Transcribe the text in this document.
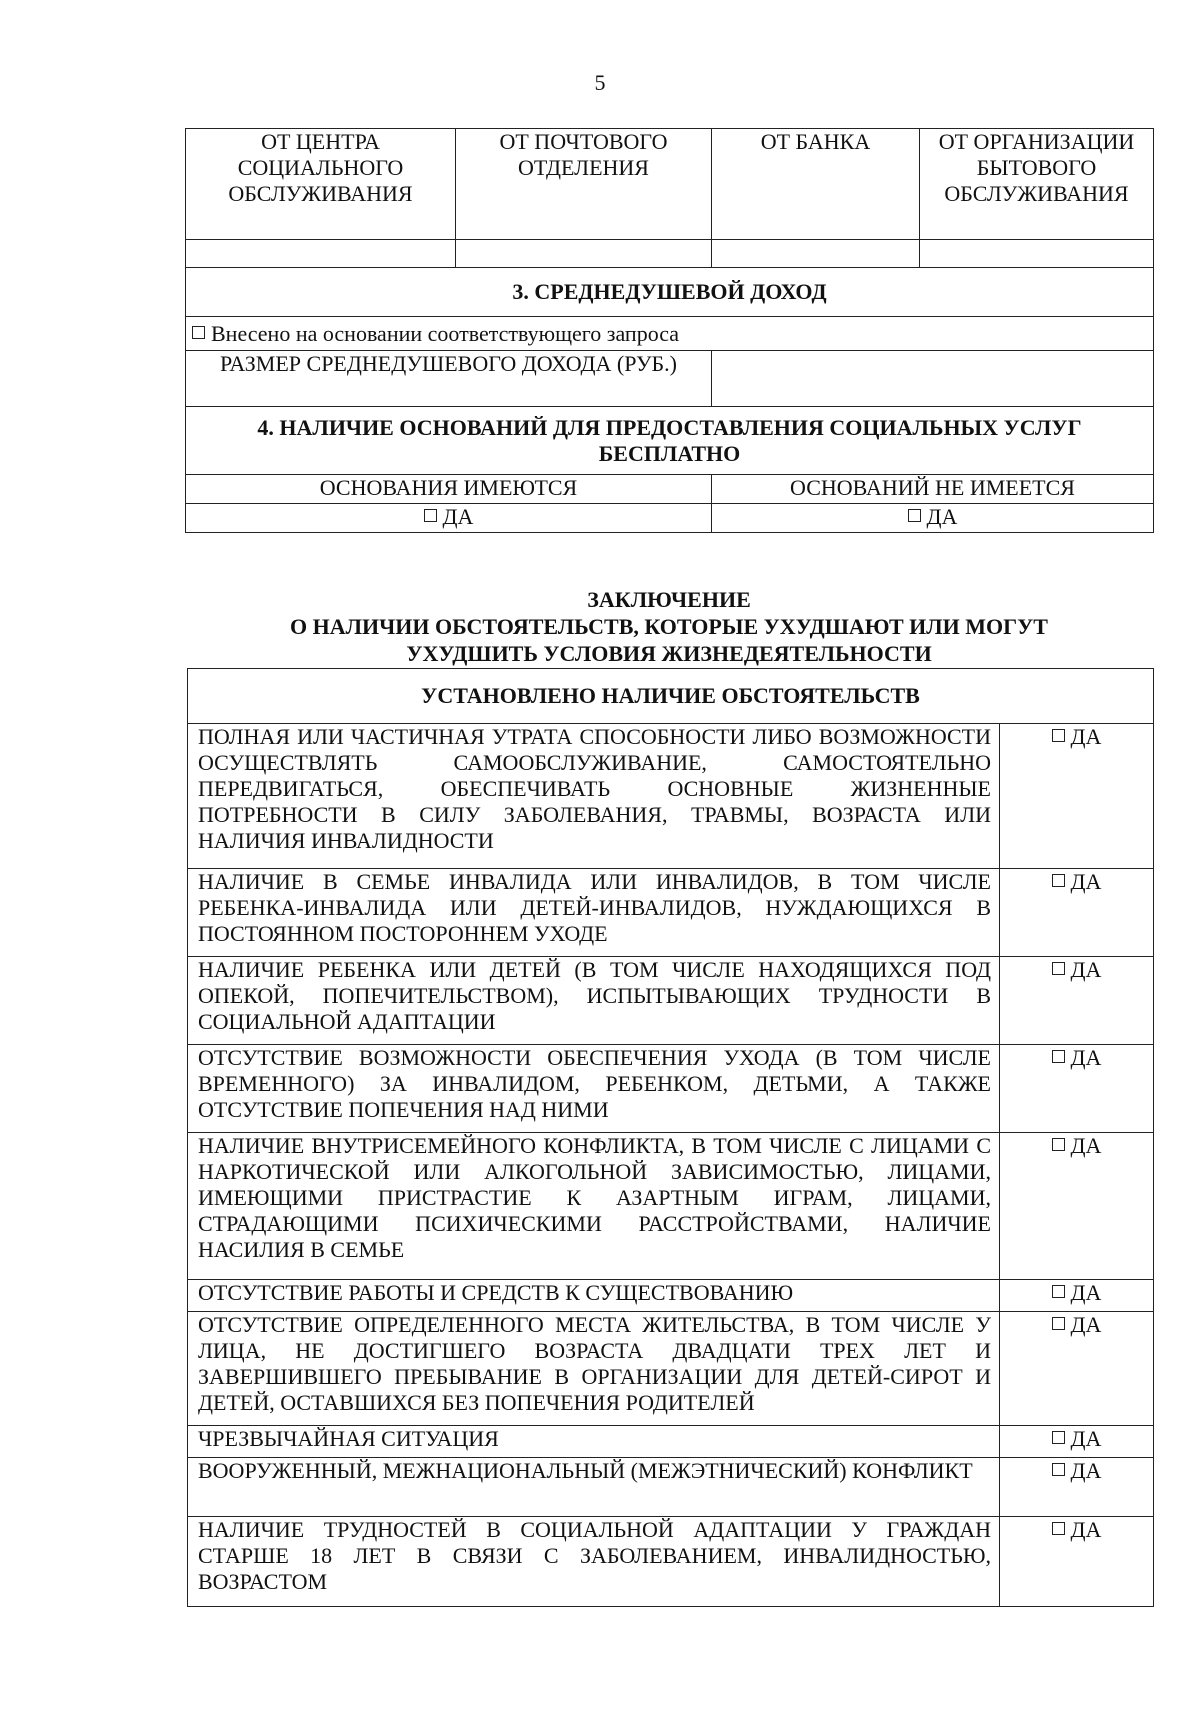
5
ОТ ЦЕНТРА СОЦИАЛЬНОГО ОБСЛУЖИВАНИЯ	ОТ ПОЧТОВОГО ОТДЕЛЕНИЯ	ОТ БАНКА	ОТ ОРГАНИЗАЦИИ БЫТОВОГО ОБСЛУЖИВАНИЯ

3. СРЕДНЕДУШЕВОЙ ДОХОД			
Внесено на основании соответствующего запроса			
РАЗМЕР СРЕДНЕДУШЕВОГО ДОХОДА (РУБ.)			
4. НАЛИЧИЕ ОСНОВАНИЙ ДЛЯ ПРЕДОСТАВЛЕНИЯ СОЦИАЛЬНЫХ УСЛУГ БЕСПЛАТНО			
ОСНОВАНИЯ ИМЕЮТСЯ		ОСНОВАНИЙ НЕ ИМЕЕТСЯ	
ДА		ДА	
ЗАКЛЮЧЕНИЕ
О НАЛИЧИИ ОБСТОЯТЕЛЬСТВ, КОТОРЫЕ УХУДШАЮТ ИЛИ МОГУТ
УХУДШИТЬ УСЛОВИЯ ЖИЗНЕДЕЯТЕЛЬНОСТИ
УСТАНОВЛЕНО НАЛИЧИЕ ОБСТОЯТЕЛЬСТВ	
ПОЛНАЯ ИЛИ ЧАСТИЧНАЯ УТРАТА СПОСОБНОСТИ ЛИБО ВОЗМОЖНОСТИ ОСУЩЕСТВЛЯТЬ САМООБСЛУЖИВАНИЕ, САМОСТОЯТЕЛЬНО ПЕРЕДВИГАТЬСЯ, ОБЕСПЕЧИВАТЬ ОСНОВНЫЕ ЖИЗНЕННЫЕ ПОТРЕБНОСТИ В СИЛУ ЗАБОЛЕВАНИЯ, ТРАВМЫ, ВОЗРАСТА ИЛИ НАЛИЧИЯ ИНВАЛИДНОСТИ	ДА
НАЛИЧИЕ В СЕМЬЕ ИНВАЛИДА ИЛИ ИНВАЛИДОВ, В ТОМ ЧИСЛЕ РЕБЕНКА-ИНВАЛИДА ИЛИ ДЕТЕЙ-ИНВАЛИДОВ, НУЖДАЮЩИХСЯ В ПОСТОЯННОМ ПОСТОРОННЕМ УХОДЕ	ДА
НАЛИЧИЕ РЕБЕНКА ИЛИ ДЕТЕЙ (В ТОМ ЧИСЛЕ НАХОДЯЩИХСЯ ПОД ОПЕКОЙ, ПОПЕЧИТЕЛЬСТВОМ), ИСПЫТЫВАЮЩИХ ТРУДНОСТИ В СОЦИАЛЬНОЙ АДАПТАЦИИ	ДА
ОТСУТСТВИЕ ВОЗМОЖНОСТИ ОБЕСПЕЧЕНИЯ УХОДА (В ТОМ ЧИСЛЕ ВРЕМЕННОГО) ЗА ИНВАЛИДОМ, РЕБЕНКОМ, ДЕТЬМИ, А ТАКЖЕ ОТСУТСТВИЕ ПОПЕЧЕНИЯ НАД НИМИ	ДА
НАЛИЧИЕ ВНУТРИСЕМЕЙНОГО КОНФЛИКТА, В ТОМ ЧИСЛЕ С ЛИЦАМИ С НАРКОТИЧЕСКОЙ ИЛИ АЛКОГОЛЬНОЙ ЗАВИСИМОСТЬЮ, ЛИЦАМИ, ИМЕЮЩИМИ ПРИСТРАСТИЕ К АЗАРТНЫМ ИГРАМ, ЛИЦАМИ, СТРАДАЮЩИМИ ПСИХИЧЕСКИМИ РАССТРОЙСТВАМИ, НАЛИЧИЕ НАСИЛИЯ В СЕМЬЕ	ДА
ОТСУТСТВИЕ РАБОТЫ И СРЕДСТВ К СУЩЕСТВОВАНИЮ	ДА
ОТСУТСТВИЕ ОПРЕДЕЛЕННОГО МЕСТА ЖИТЕЛЬСТВА, В ТОМ ЧИСЛЕ У ЛИЦА, НЕ ДОСТИГШЕГО ВОЗРАСТА ДВАДЦАТИ ТРЕХ ЛЕТ И ЗАВЕРШИВШЕГО ПРЕБЫВАНИЕ В ОРГАНИЗАЦИИ ДЛЯ ДЕТЕЙ-СИРОТ И ДЕТЕЙ, ОСТАВШИХСЯ БЕЗ ПОПЕЧЕНИЯ РОДИТЕЛЕЙ	ДА
ЧРЕЗВЫЧАЙНАЯ СИТУАЦИЯ	ДА
ВООРУЖЕННЫЙ, МЕЖНАЦИОНАЛЬНЫЙ (МЕЖЭТНИЧЕСКИЙ) КОНФЛИКТ	ДА
НАЛИЧИЕ ТРУДНОСТЕЙ В СОЦИАЛЬНОЙ АДАПТАЦИИ У ГРАЖДАН СТАРШЕ 18 ЛЕТ В СВЯЗИ С ЗАБОЛЕВАНИЕМ, ИНВАЛИДНОСТЬЮ, ВОЗРАСТОМ	ДА
